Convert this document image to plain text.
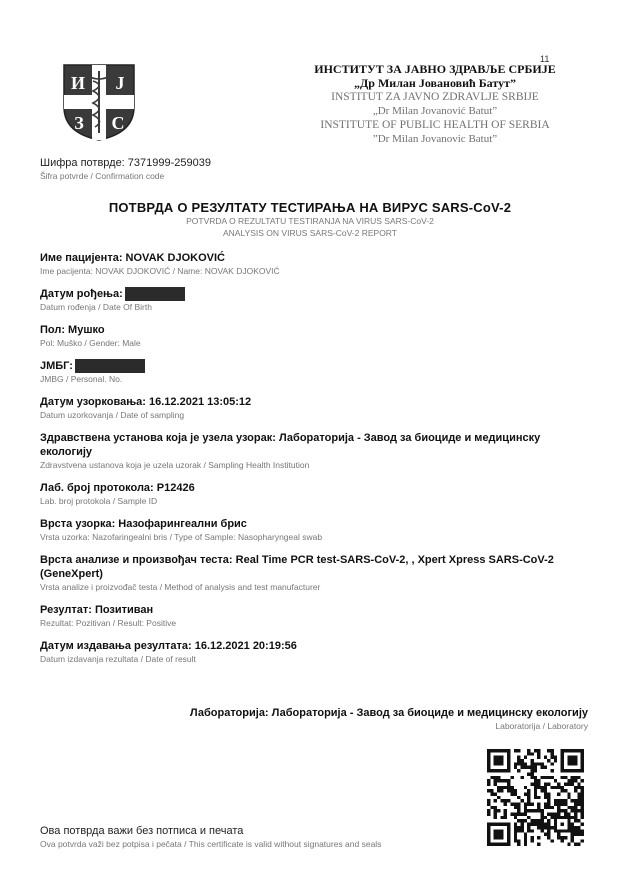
11
И Ј
З С
ИНСТИТУТ ЗА ЈАВНО ЗДРАВЉЕ СРБИЈЕ
„Др Милан Јовановић Батут”
INSTITUT ZA JAVNO ZDRAVLJE SRBIJE
„Dr Milan Jovanović Batut”
INSTITUTE OF PUBLIC HEALTH OF SERBIA
”Dr Milan Jovanovic Batut”
Шифра потврде: 7371999-259039
Šifra potvrde / Confirmation code
ПОТВРДА О РЕЗУЛТАТУ ТЕСТИРАЊА НА ВИРУС SARS-CoV-2
POTVRDA O REZULTATU TESTIRANJA NA VIRUS SARS-CoV-2
ANALYSIS ON VIRUS SARS-CoV-2 REPORT
Име пацијента: NOVAK DJOKOVIĆ
Ime pacijenta: NOVAK DJOKOVIĆ / Name: NOVAK DJOKOVIĆ
Датум рођења:
Datum rođenja / Date Of Birth
Пол: Мушко
Pol: Muško / Gender: Male
ЈМБГ:
JMBG / Personal. No.
Датум узорковања: 16.12.2021 13:05:12
Datum uzorkovanja / Date of sampling
Здравствена установа која је узела узорак: Лабораторија - Завод за биоциде и медицинску екологију
Zdravstvena ustanova koja je uzela uzorak / Sampling Health Institution
Лаб. број протокола: P12426
Lab. broj protokola / Sample ID
Врста узорка: Назофарингеални брис
Vrsta uzorka: Nazofaringealni bris / Type of Sample: Nasopharyngeal swab
Врста анализе и произвођач теста: Real Time PCR test-SARS-CoV-2, , Xpert Xpress SARS-CoV-2 (GeneXpert)
Vrsta analize i proizvođač testa / Method of analysis and test manufacturer
Резултат: Позитиван
Rezultat: Pozitivan / Result: Positive
Датум издавања резултата: 16.12.2021 20:19:56
Datum izdavanja rezultata / Date of result
Лабораторија: Лабораторија - Завод за биоциде и медицинску екологију
Laboratorija / Laboratory
Ова потврда важи без потписа и печата
Ova potvrda važi bez potpisa i pečata / This certificate is valid without signatures and seals
